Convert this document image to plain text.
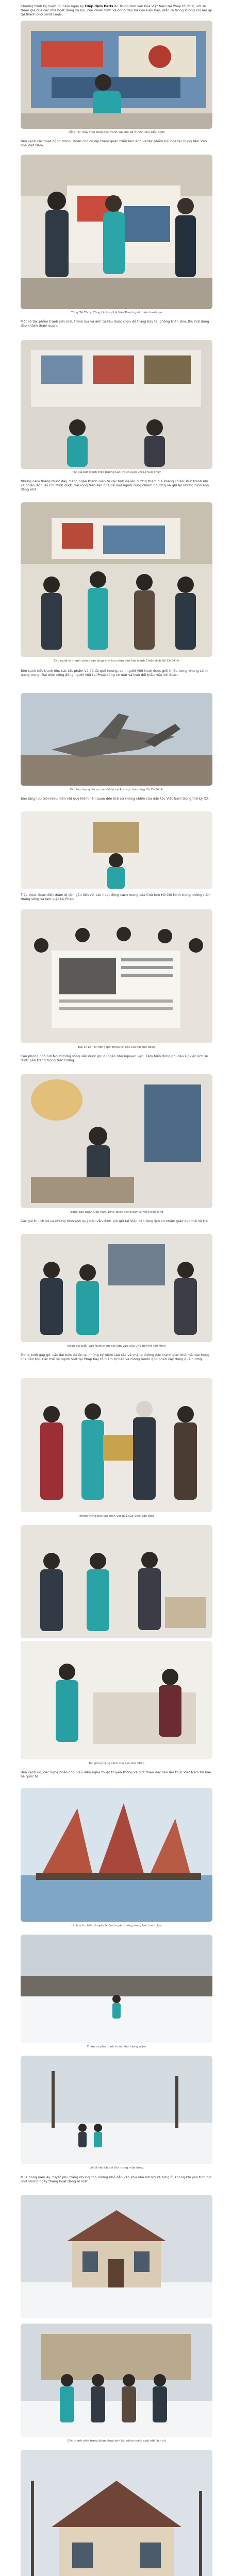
Chương trình kỷ niệm 30 năm ngày ký Hiệp định Paris do Trung tâm văn hóa Việt Nam tại Pháp tổ chức, với sự tham gia của các nhà hoạt động xã hội, cựu chiến binh và đông đảo bà con kiều bào, diễn ra trong không khí ấm áp tại thành phố Saint Louis.

Tổng Tài Thủy trao tặng bức tranh lụa cho bà Huỳnh Mai Tiểu Ngọc

Bên cạnh các hoạt động chính, Đoàn còn có dịp tham quan triển lãm ảnh và tác phẩm hội họa tại Trung tâm Văn hóa Việt Nam.

Tổng Tài Thủy, Tổng Lãnh sự Hà Văn Thanh giới thiệu tranh lụa

Một số tác phẩm tranh sơn mài, tranh lụa và ảnh tư liệu được chọn để trưng bày tại phòng triển lãm, thu hút đông đảo khách tham quan.

Tác giả bức tranh Trần Dương Lan trò chuyện với Lê Văn Thủy

Những năm tháng trước đây, hàng ngàn thanh niên từ các tỉnh đã lên đường tham gia kháng chiến. Bức tranh lớn về chiến dịch Hồ Chí Minh được trải rộng trên sàn nhà để mọi người cùng chiêm ngưỡng và ghi lại những hình ảnh đáng nhớ.

Các nghệ sĩ, thành viên đoàn chụp ảnh lưu niệm bên bức tranh Chiến dịch Hồ Chí Minh

Bên cạnh bức tranh lớn, các tác phẩm về đề tài quê hương, con người Việt Nam được giới thiệu trong khung cảnh trang trọng. Đại diện cộng đồng người Việt tại Pháp cũng có mặt và trao đổi thân mật với đoàn.

Xác tàu bay quân sự còn để lại tại khu vực bảo tàng Hồ Chí Minh

Bảo tàng lưu trữ nhiều hiện vật quý hiếm liên quan đến lịch sử kháng chiến của dân tộc Việt Nam trong thế kỷ XX.

Tiếp theo, đoàn đến thăm di tích gắn liền với các hoạt động cách mạng của Chủ tịch Hồ Chí Minh trong những năm tháng sống và làm việc tại Pháp.

Đại sứ Lê Thị Hồng giới thiệu tài liệu lưu trữ cho đoàn

Căn phòng nhỏ nơi Người từng sống vẫn được gìn giữ gần như nguyên vẹn. Tấm biển đồng ghi dấu sự kiện lịch sử được gắn trang trọng trên tường.

Trang báo Nhân Dân năm 1945 được trưng bày tại Viện bảo tàng

Các giá trị lịch sử và những hình ảnh quý báu vẫn được gìn giữ tại Viện bảo tàng lịch sử nhằm giáo dục thế hệ trẻ.

Đoàn đại biểu Việt Nam thăm nơi làm việc của Chủ tịch Hồ Chí Minh

Trong buổi gặp gỡ, các đại biểu đã ôn lại những kỷ niệm sâu sắc về chặng đường đấu tranh gian khổ mà hào hùng của dân tộc. Các thế hệ người Việt tại Pháp bày tỏ niềm tự hào và mong muốn góp phần xây dựng quê hương.

Phòng trưng bày các hiện vật quý của Viện bảo tàng

Tác giả ký tặng sách cho bạn đọc Pháp

Bên cạnh đó, các nghệ nhân còn biểu diễn nghệ thuật truyền thống và giới thiệu đặc sản ẩm thực Việt Nam tới bạn bè quốc tế.

Hình ảnh chiếc thuyền buồm truyền thống trong bức tranh lụa

Thảm cỏ phủ tuyết trước khu tưởng niệm

Lối đi vào khu di tích trong mùa đông

Mùa đông năm ấy, tuyết phủ trắng những con đường nhỏ dẫn vào khu nhà nơi Người từng ở. Không khí yên tĩnh gợi nhớ những ngày tháng hoạt động bí mật.

Các thành viên trong đoàn chụp ảnh lưu niệm trước ngôi nhà lịch sử
